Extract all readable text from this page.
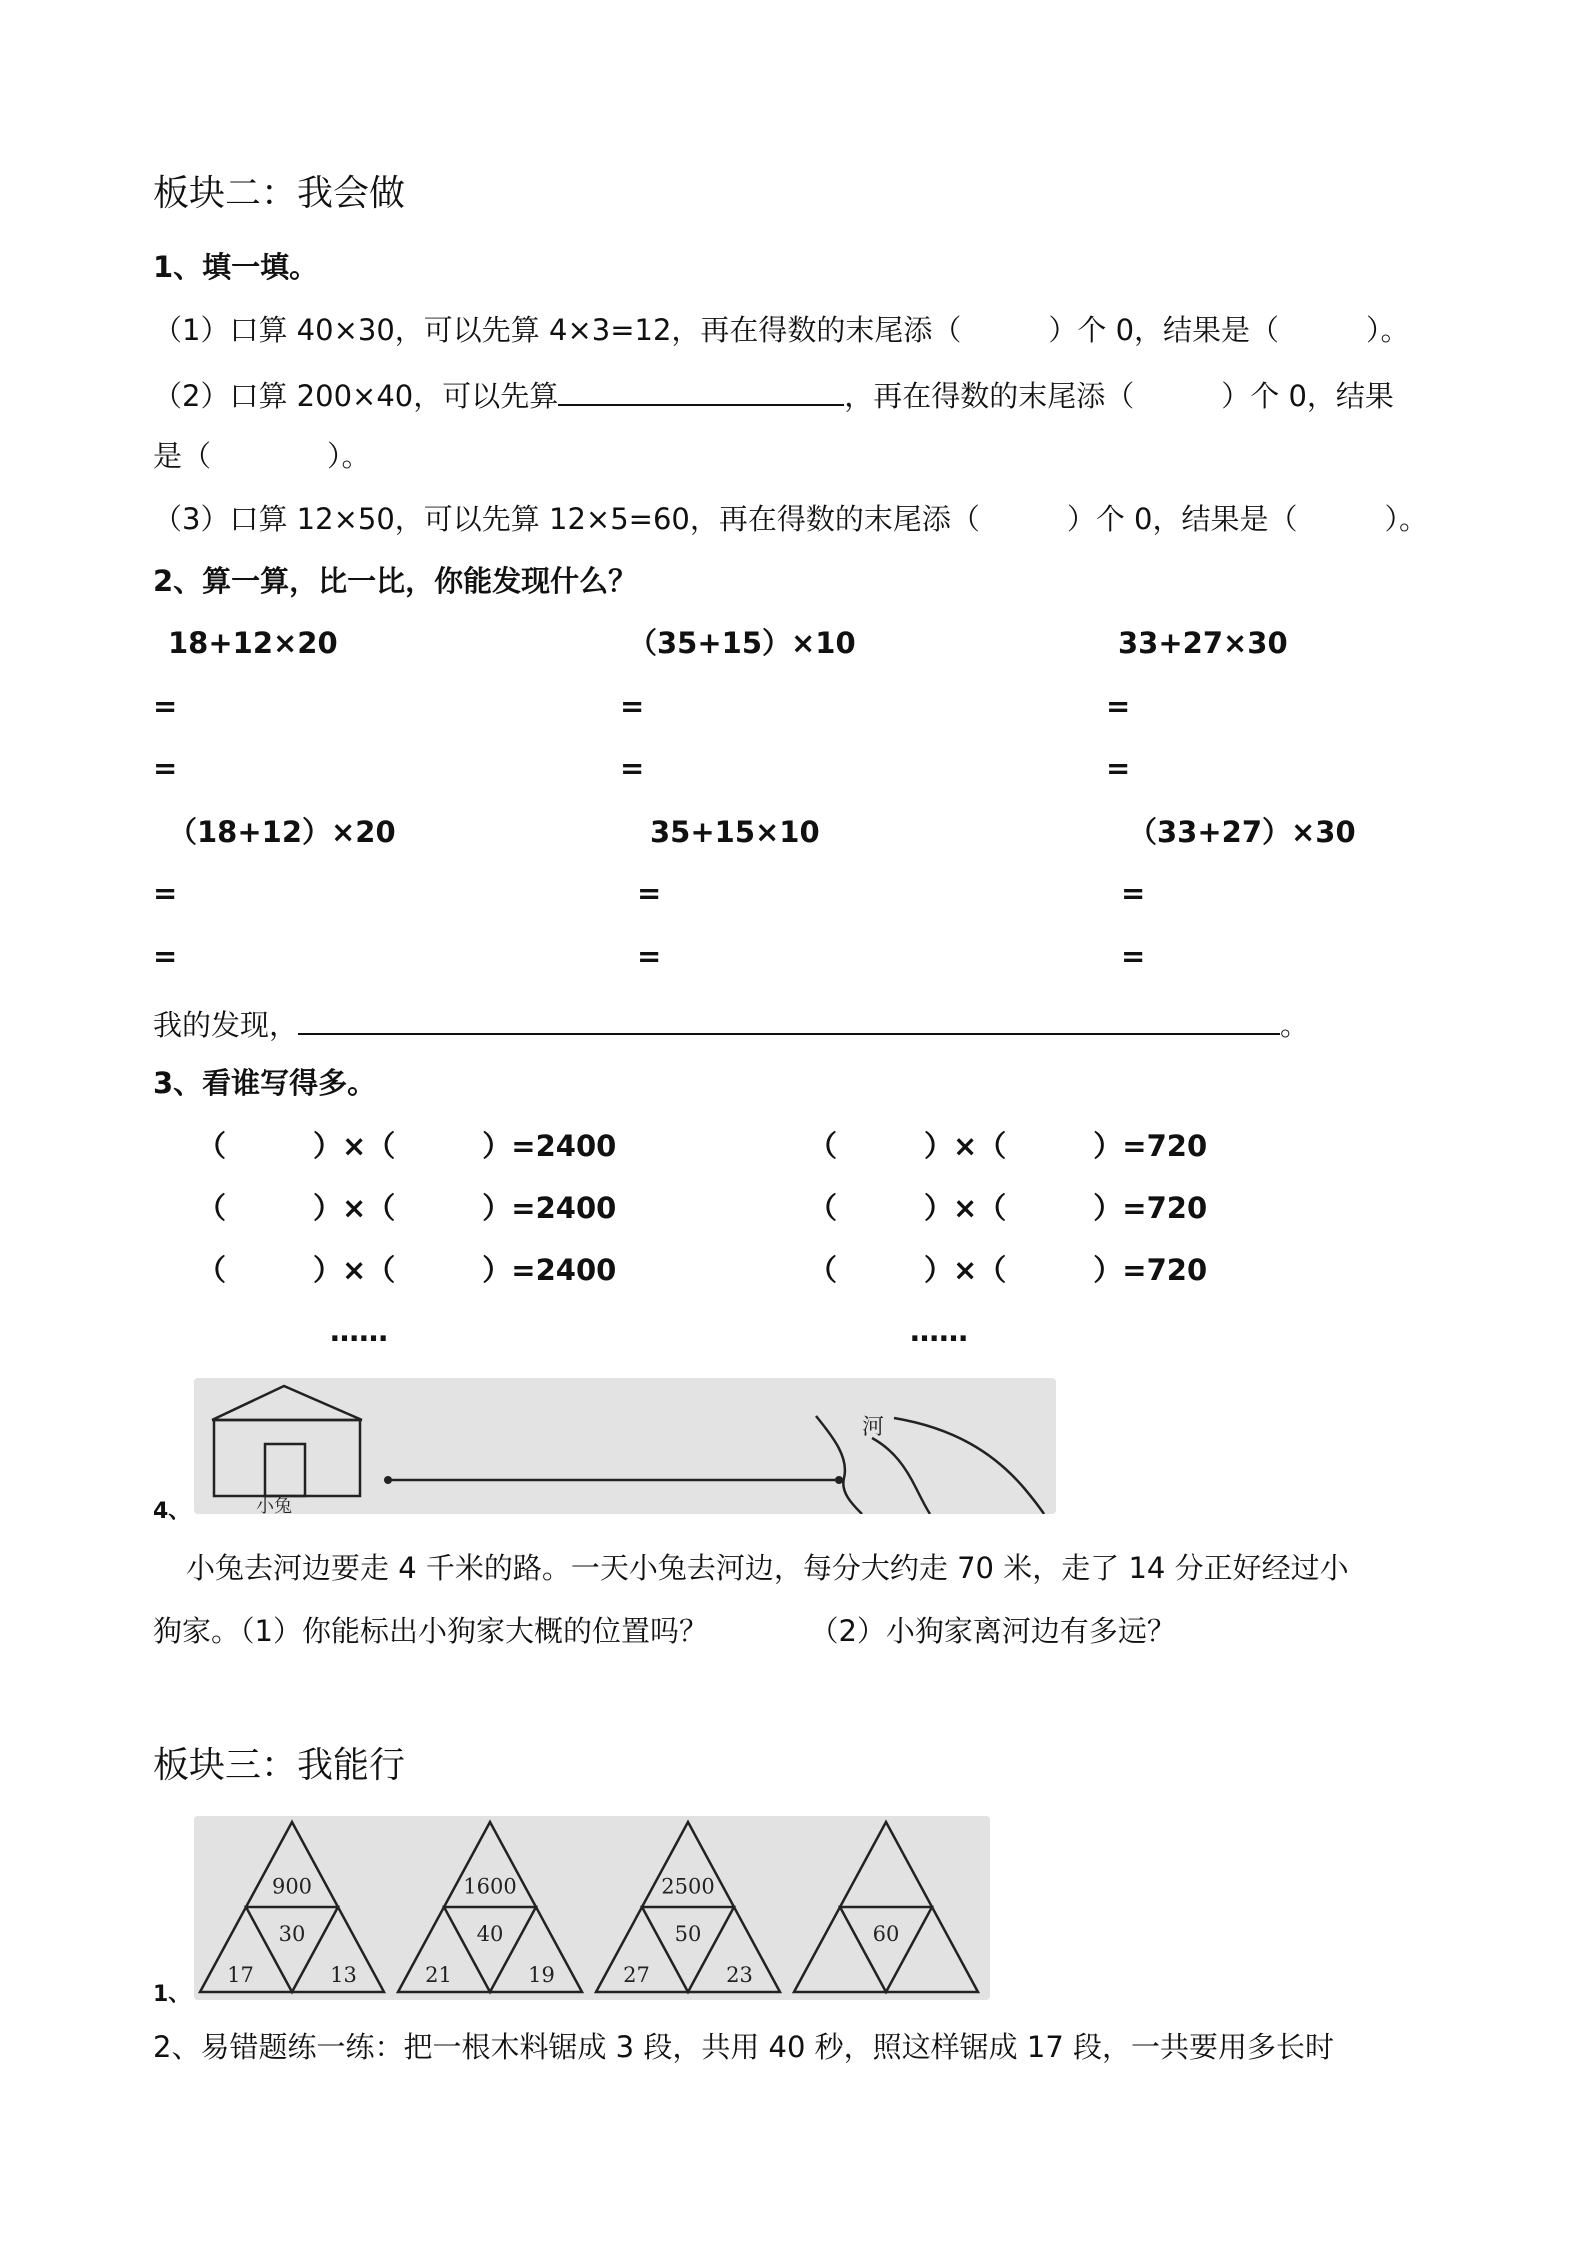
板块二：我会做
1、填一填。
（1）口算 40×30，可以先算 4×3=12，再在得数的末尾添（　　　）个 0，结果是（　　　）。
（2）口算 200×40，可以先算	，再在得数的末尾添（　　　）个 0，结果
是（　　　　）。
（3）口算 12×50，可以先算 12×5=60，再在得数的末尾添（　　　）个 0，结果是（　　　）。
2、算一算，比一比，你能发现什么？
18+12×20	（35+15）×10	33+27×30
=	=	=
=	=	=
（18+12）×20	35+15×10	（33+27）×30
=	=	=
=	=	=
我的发现，	。
3、看谁写得多。
（　　　）×（　　　）=2400
（　　　）×（　　　）=2400
（　　　）×（　　　）=2400
（　　　）×（　　　）=720
（　　　）×（　　　）=720
（　　　）×（　　　）=720
……	……
河
小兔
4、
小兔去河边要走 4 千米的路。一天小兔去河边，每分大约走 70 米，走了 14 分正好经过小
狗家。（1）你能标出小狗家大概的位置吗？　　　　（2）小狗家离河边有多远？
板块三：我能行
900
30
17	13
1600
40
21	19
2500
50
27	23
60
1、
2、易错题练一练：把一根木料锯成 3 段，共用 40 秒，照这样锯成 17 段，一共要用多长时
